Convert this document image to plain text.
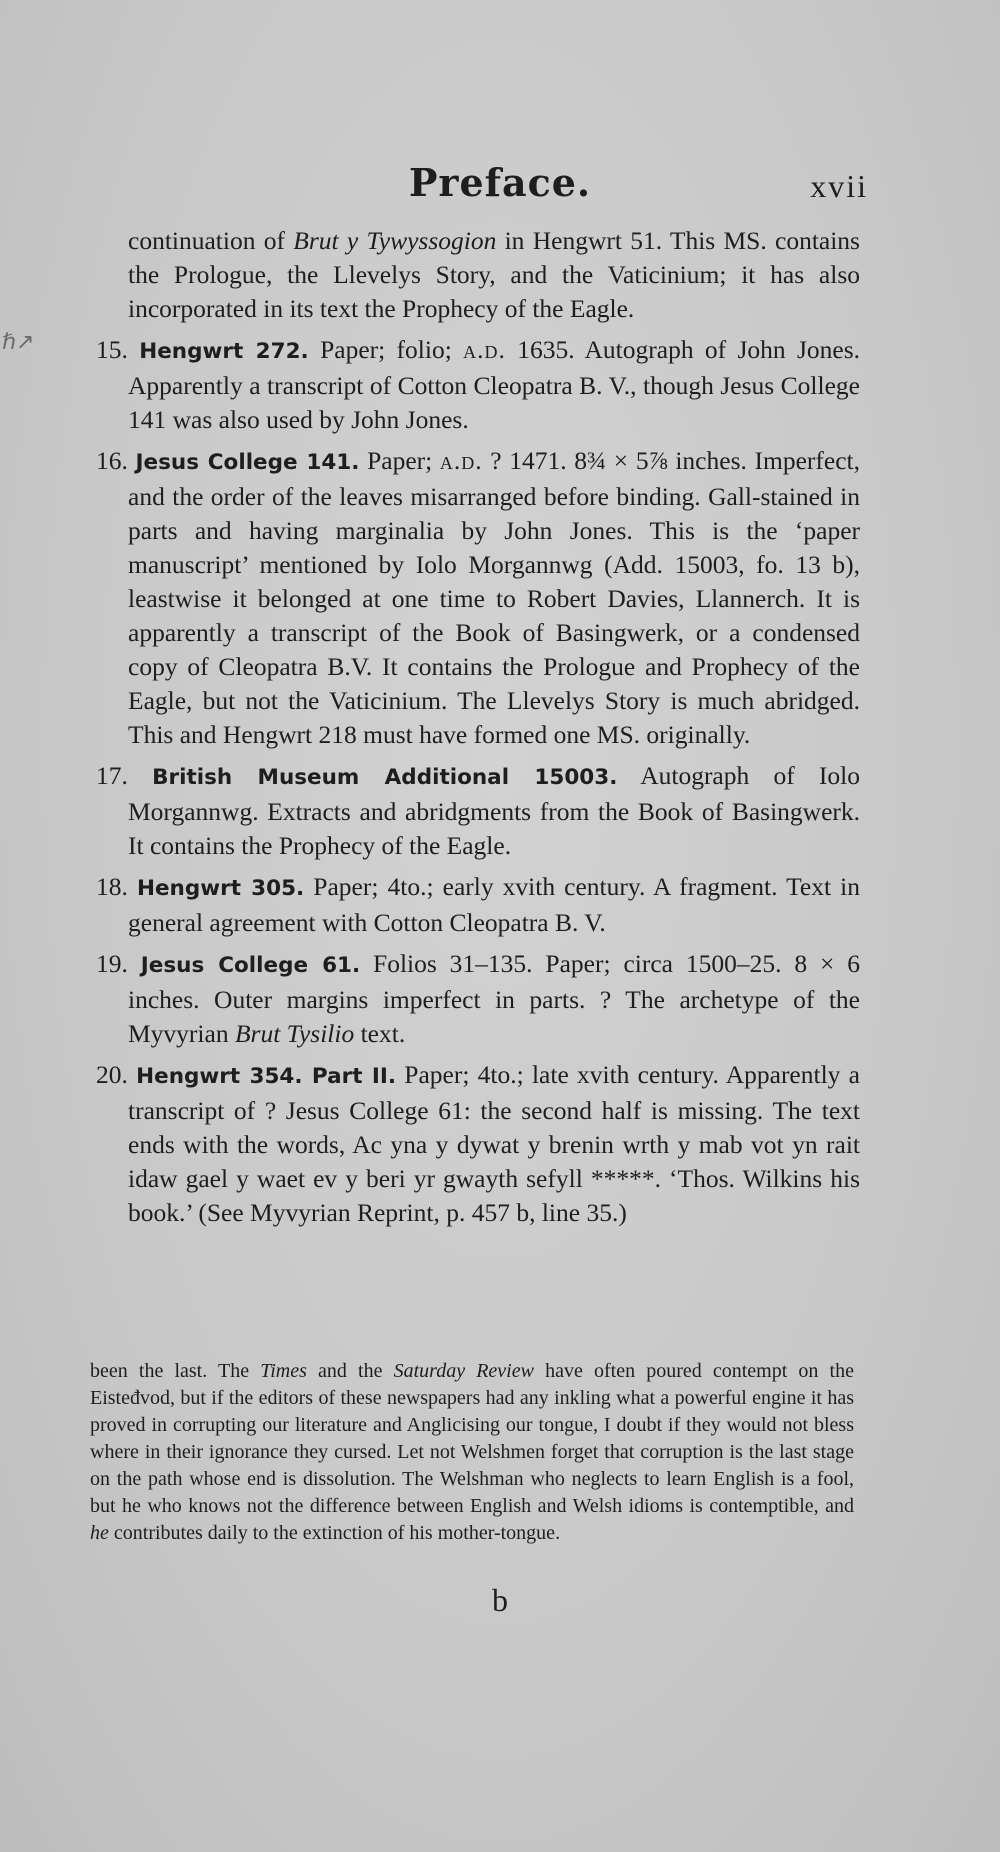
Preface.	xvii
ℏ↗

continuation of Brut y Tywyssogion in Hengwrt 51. This MS. contains the Prologue, the Llevelys Story, and the Vaticinium; it has also incorporated in its text the Prophecy of the Eagle.

15. Hengwrt 272. Paper; folio; a.d. 1635. Autograph of John Jones. Apparently a transcript of Cotton Cleopatra B. V., though Jesus College 141 was also used by John Jones.

16. Jesus College 141. Paper; a.d. ? 1471. 8¾ × 5⅞ inches. Imperfect, and the order of the leaves misarranged before binding. Gall-stained in parts and having marginalia by John Jones. This is the ‘paper manuscript’ mentioned by Iolo Morgannwg (Add. 15003, fo. 13 b), leastwise it belonged at one time to Robert Davies, Llannerch. It is apparently a transcript of the Book of Basingwerk, or a condensed copy of Cleopatra B.V. It contains the Prologue and Prophecy of the Eagle, but not the Vaticinium. The Llevelys Story is much abridged. This and Hengwrt 218 must have formed one MS. originally.

17. British Museum Additional 15003. Autograph of Iolo Morgannwg. Extracts and abridgments from the Book of Basingwerk. It contains the Prophecy of the Eagle.

18. Hengwrt 305. Paper; 4to.; early xvith century. A fragment. Text in general agreement with Cotton Cleopatra B. V.

19. Jesus College 61. Folios 31–135. Paper; circa 1500–25. 8 × 6 inches. Outer margins imperfect in parts. ? The archetype of the Myvyrian Brut Tysilio text.

20. Hengwrt 354. Part II. Paper; 4to.; late xvith century. Apparently a transcript of ? Jesus College 61: the second half is missing. The text ends with the words, Ac yna y dywat y brenin wrth y mab vot yn rait idaw gael y waet ev y beri yr gwayth sefyll *****. ‘Thos. Wilkins his book.’ (See Myvyrian Reprint, p. 457 b, line 35.)

been the last. The Times and the Saturday Review have often poured contempt on the Eisteđvod, but if the editors of these newspapers had any inkling what a powerful engine it has proved in corrupting our literature and Anglicising our tongue, I doubt if they would not bless where in their ignorance they cursed. Let not Welshmen forget that corruption is the last stage on the path whose end is dissolution. The Welshman who neglects to learn English is a fool, but he who knows not the difference between English and Welsh idioms is contemptible, and he contributes daily to the extinction of his mother-tongue.
b
